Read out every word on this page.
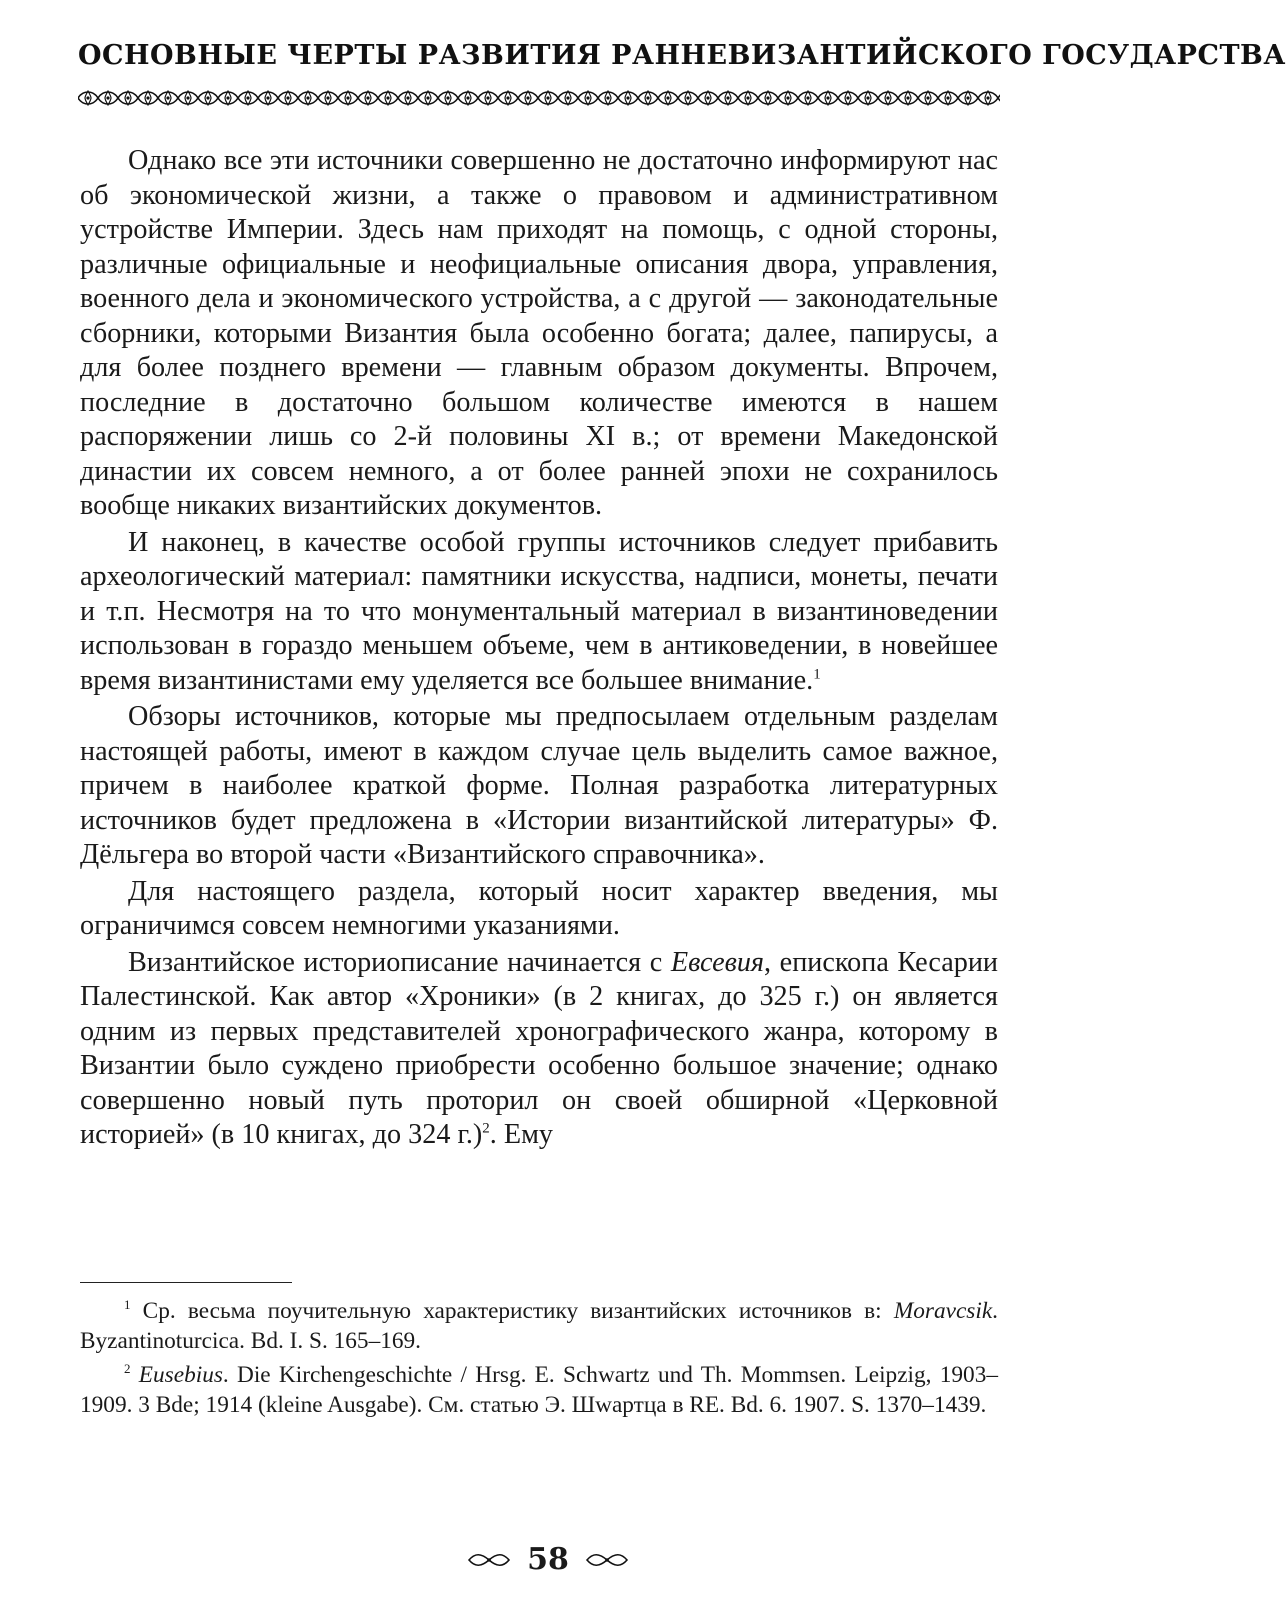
ОСНОВНЫЕ ЧЕРТЫ РАЗВИТИЯ РАННЕВИЗАНТИЙСКОГО ГОСУДАРСТВА

Однако все эти источники совершенно не достаточно информируют нас об экономической жизни, а также о правовом и административном устройстве Империи. Здесь нам приходят на помощь, с одной стороны, различные официальные и неофициальные описания двора, управления, военного дела и экономического устройства, а с другой — законодательные сборники, которыми Византия была особенно богата; далее, папирусы, а для более позднего времени — главным образом документы. Впрочем, последние в достаточно большом количестве имеются в нашем распоряжении лишь со 2-й половины XI в.; от времени Македонской династии их совсем немного, а от более ранней эпохи не сохранилось вообще никаких византийских документов.

И наконец, в качестве особой группы источников следует прибавить археологический материал: памятники искусства, надписи, монеты, печати и т.п. Несмотря на то что монументальный материал в византиноведении использован в гораздо меньшем объеме, чем в антиковедении, в новейшее время византинистами ему уделяется все большее внимание.$^1$

Обзоры источников, которые мы предпосылаем отдельным разделам настоящей работы, имеют в каждом случае цель выделить самое важное, причем в наиболее краткой форме. Полная разработка литературных источников будет предложена в «Истории византийской литературы» Ф. Дёльгера во второй части «Византийского справочника».

Для настоящего раздела, который носит характер введения, мы ограничимся совсем немногими указаниями.

Византийское историописание начинается с Евсевия, епископа Кесарии Палестинской. Как автор «Хроники» (в 2 книгах, до 325 г.) он является одним из первых представителей хронографического жанра, которому в Византии было суждено приобрести особенно большое значение; однако совершенно новый путь проторил он своей обширной «Церковной историей» (в 10 книгах, до 324 г.)$^2$. Ему

$^1$ Ср. весьма поучительную характеристику византийских источников в: Moravcsik. Byzantinoturcica. Bd. I. S. 165–169.

$^2$ Eusebius. Die Kirchengeschichte / Hrsg. E. Schwartz und Th. Mommsen. Leipzig, 1903–1909. 3 Bde; 1914 (kleine Ausgabe). См. статью Э. Шwартца в RE. Bd. 6. 1907. S. 1370–1439.

58
